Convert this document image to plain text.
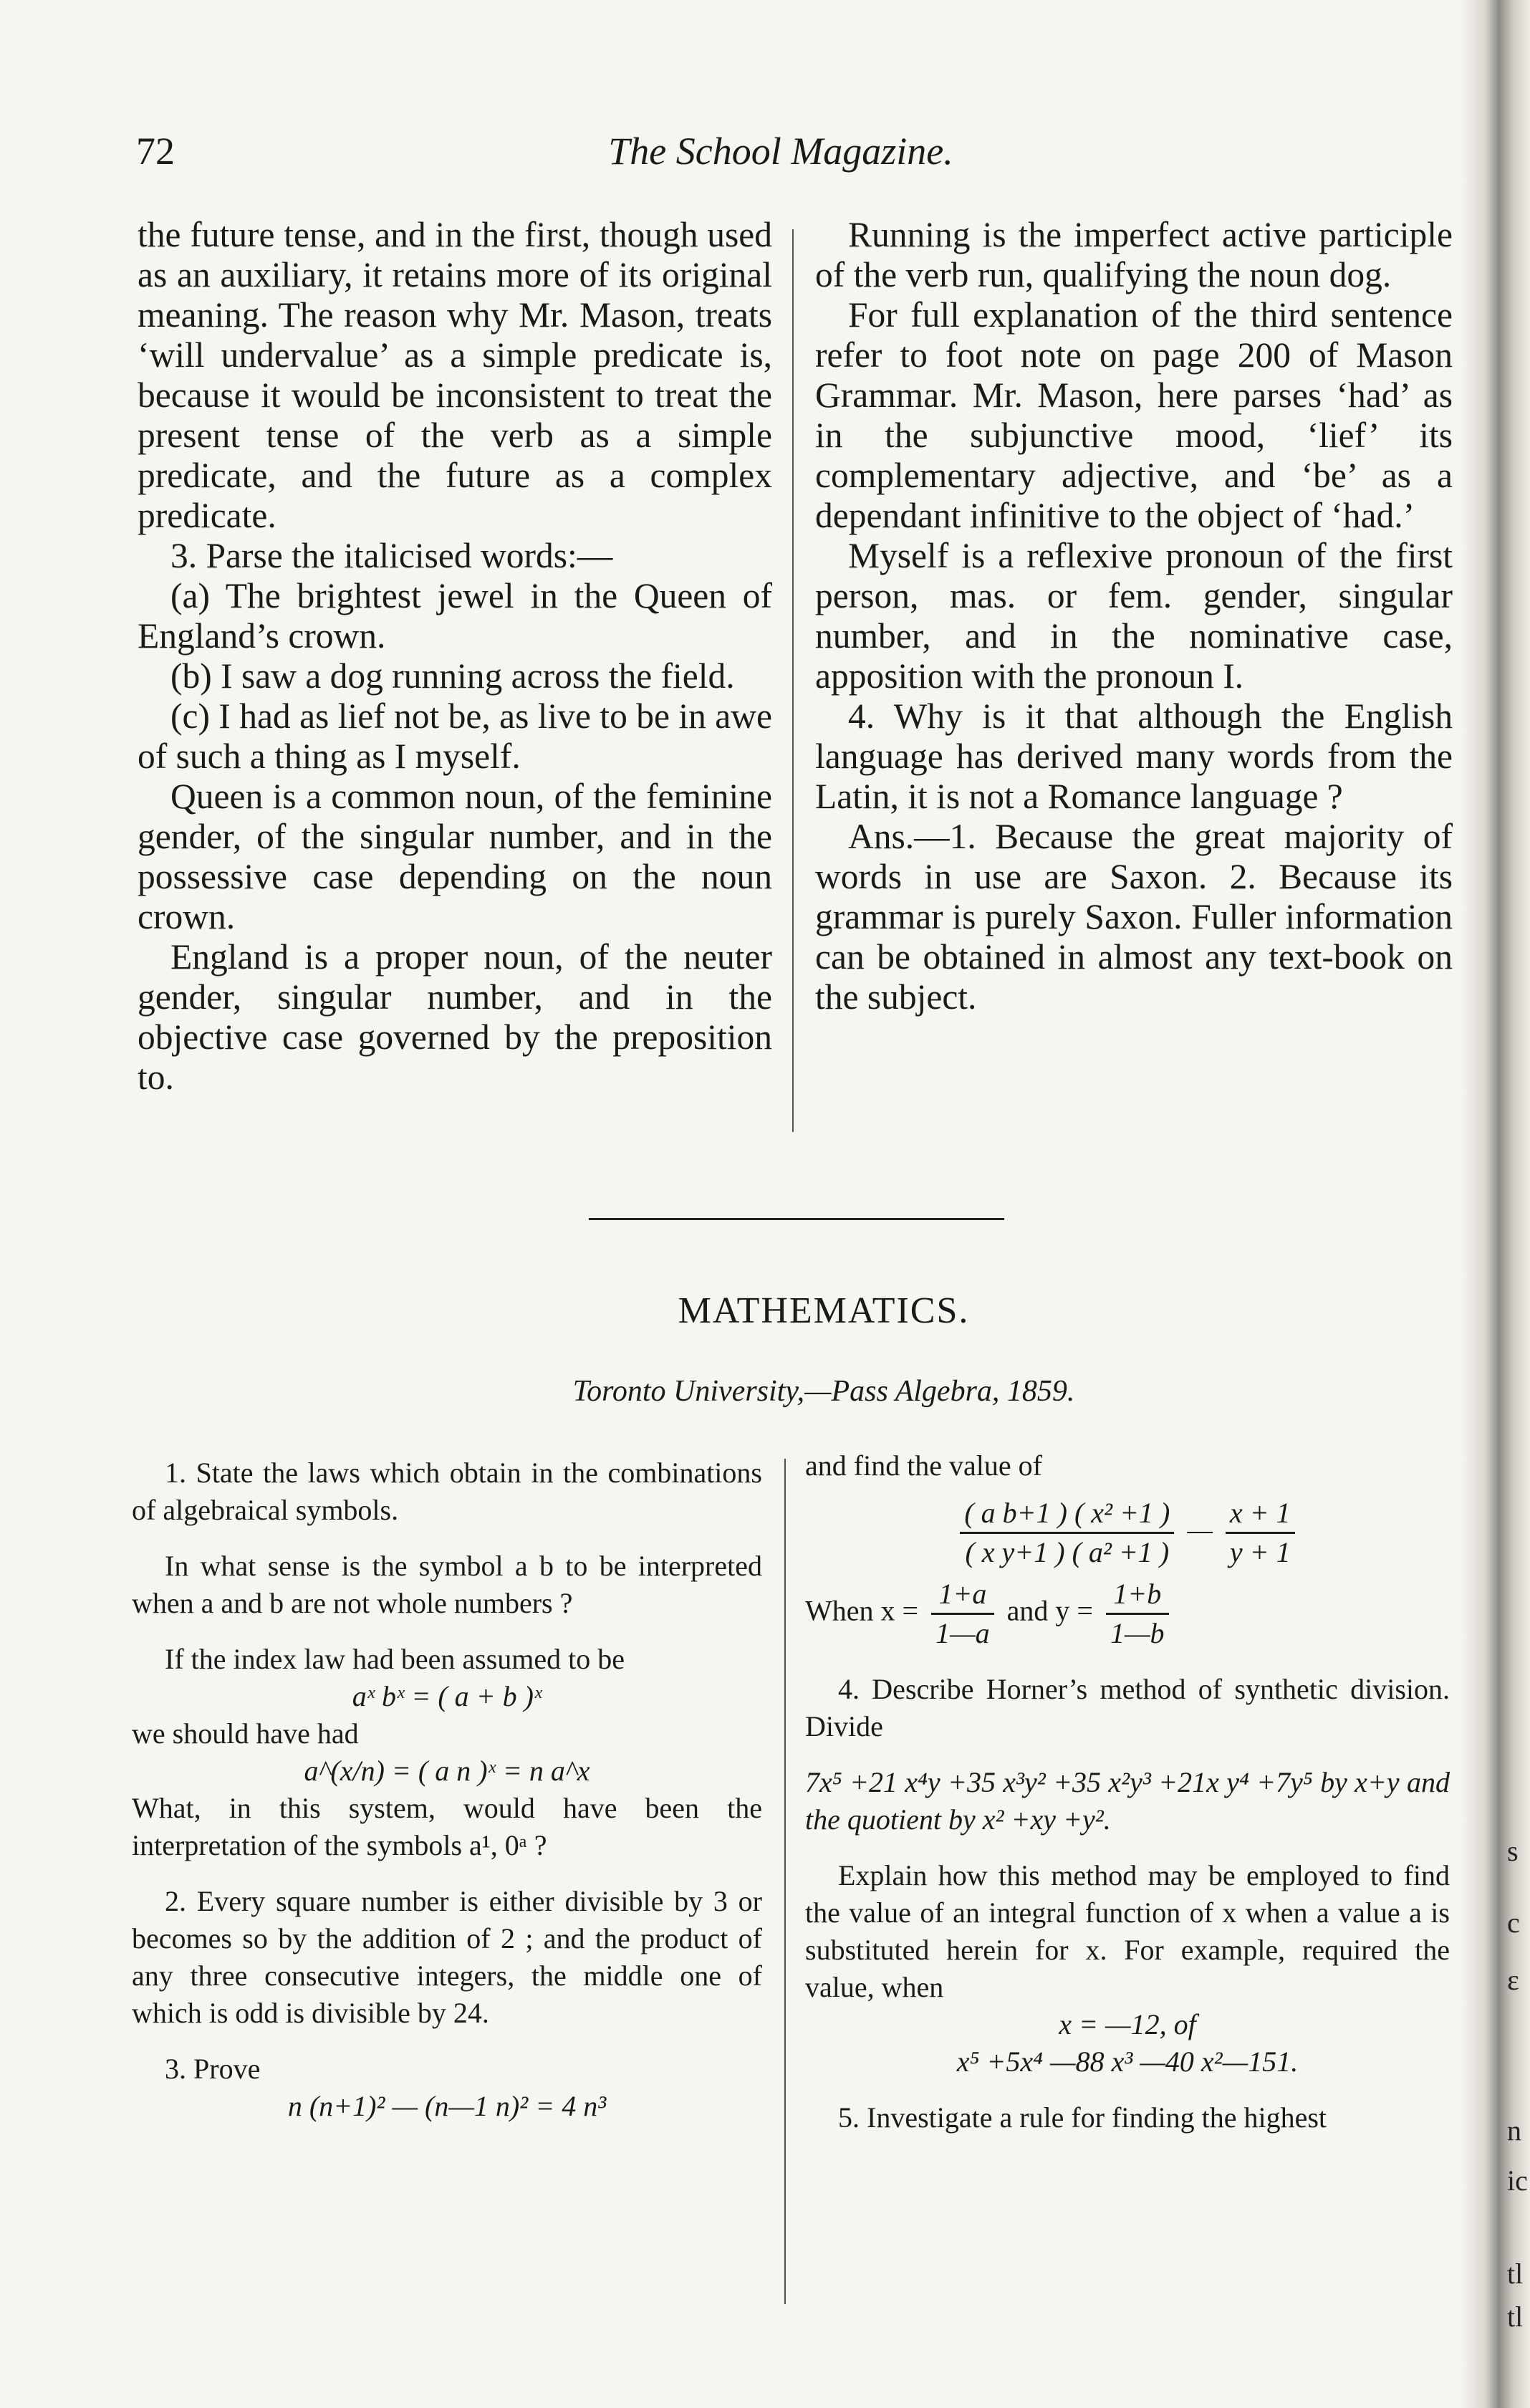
s
c
ε
n
ic
tl
tl
72	The School Magazine.

the future tense, and in the first, though used as an auxiliary, it retains more of its original meaning. The reason why Mr. Mason, treats ‘will undervalue’ as a simple predicate is, because it would be inconsistent to treat the present tense of the verb as a simple predicate, and the future as a complex predicate.

3. Parse the italicised words:—

(a) The brightest jewel in the Queen of England’s crown.

(b) I saw a dog running across the field.

(c) I had as lief not be, as live to be in awe of such a thing as I myself.

Queen is a common noun, of the feminine gender, of the singular number, and in the possessive case depending on the noun crown.

England is a proper noun, of the neuter gender, singular number, and in the objective case governed by the preposition to.

Running is the imperfect active participle of the verb run, qualifying the noun dog.

For full explanation of the third sentence refer to foot note on page 200 of Mason Grammar. Mr. Mason, here parses ‘had’ as in the subjunctive mood, ‘lief’ its complementary adjective, and ‘be’ as a dependant infinitive to the object of ‘had.’

Myself is a reflexive pronoun of the first person, mas. or fem. gender, singular number, and in the nominative case, apposition with the pronoun I.

4. Why is it that although the English language has derived many words from the Latin, it is not a Romance language ?

Ans.—1. Because the great majority of words in use are Saxon. 2. Because its grammar is purely Saxon. Fuller information can be obtained in almost any text-book on the subject.

MATHEMATICS.
Toronto University,—Pass Algebra, 1859.

1. State the laws which obtain in the combinations of algebraical symbols.

In what sense is the symbol a b to be interpreted when a and b are not whole numbers ?

If the index law had been assumed to be

aˣ bˣ = ( a + b )ˣ

we should have had

a^(x/n) = ( a n )ˣ = n a^x

What, in this system, would have been the interpretation of the symbols a¹, 0ᵃ ?

2. Every square number is either divisible by 3 or becomes so by the addition of 2 ; and the product of any three consecutive integers, the middle one of which is odd is divisible by 24.

3. Prove

n (n+1)² — (n—1 n)² = 4 n³

and find the value of

$\frac{\text{( a b+1 ) ( x² +1 )}}{\text{( x y+1 ) ( a² +1 )}}$ — $\frac{x + 1}{y + 1}$
When $x = \frac{1+a}{1—a}$ and $y = \frac{1+b}{1—b}$

4. Describe Horner’s method of synthetic division. Divide

7x⁵ +21 x⁴y +35 x³y² +35 x²y³ +21x y⁴ +7y⁵ by x+y and the quotient by x² +xy +y².

Explain how this method may be employed to find the value of an integral function of x when a value a is substituted herein for x. For example, required the value, when

x = —12, of

x⁵ +5x⁴ —88 x³ —40 x²—151.

5. Investigate a rule for finding the highest
